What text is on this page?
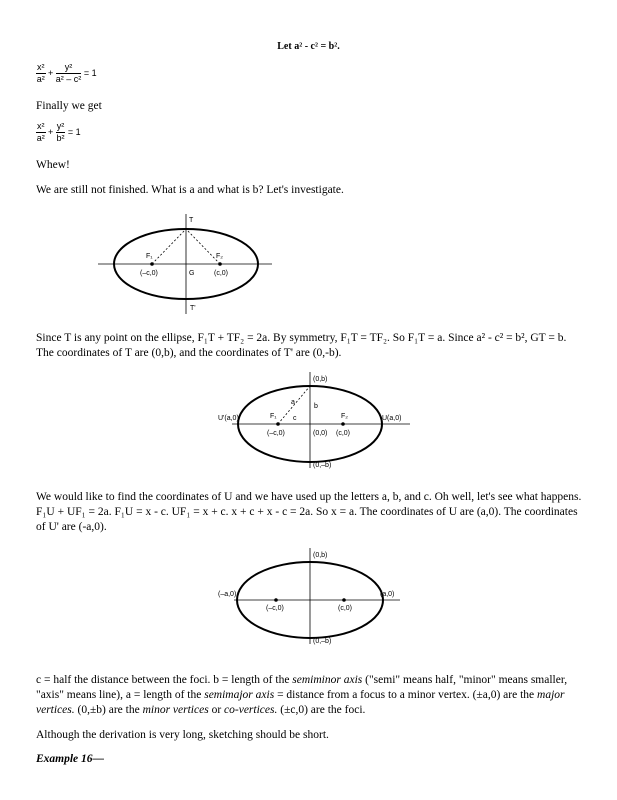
Let a² - c² = b².
$\frac{\text{x²}}{\text{a²}} + \frac{\text{y²}}{\text{a² – c²}} = 1$

Finally we get

$\frac{\text{x²}}{\text{a²}} + \frac{\text{y²}}{\text{b²}} = 1$

Whew!

We are still not finished. What is a and what is b? Let's investigate.

T
T'
F₁	F₂
G
(–c,0)	(c,0)

Since T is any point on the ellipse, F₁T + TF₂ = 2a. By symmetry, F₁T = TF₂. So F₁T = a. Since a² - c² = b², GT = b. The coordinates of T are (0,b), and the coordinates of T' are (0,-b).

(0,b)
(0,–b)
U'(a,0)	U(a,0)
F₁	F₂
a
b
c
(–c,0)	(0,0) (c,0)

We would like to find the coordinates of U and we have used up the letters a, b, and c. Oh well, let's see what happens. F₁U + UF₁ = 2a. F₁U = x - c. UF₁ = x + c. x + c + x - c = 2a. So x = a. The coordinates of U are (a,0). The coordinates of U' are (-a,0).

(0,b)
(0,–b)
(–a,0)	(a,0)
(–c,0)	(c,0)

c = half the distance between the foci. b = length of the semiminor axis ("semi" means half, "minor" means smaller, "axis" means line), a = length of the semimajor axis = distance from a focus to a minor vertex. (±a,0) are the major vertices. (0,±b) are the minor vertices or co-vertices. (±c,0) are the foci.

Although the derivation is very long, sketching should be short.

Example 16—
